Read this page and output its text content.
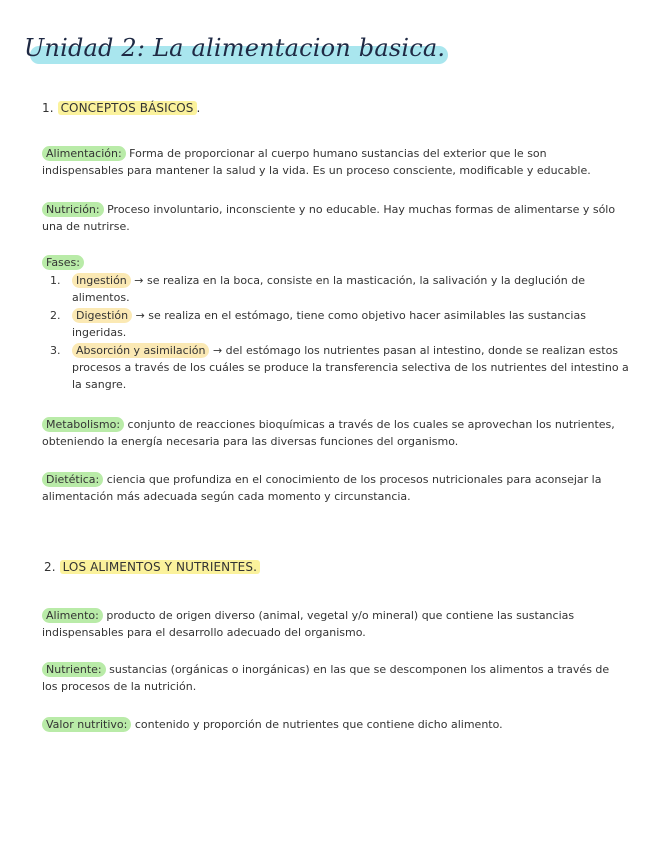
Unidad 2: La alimentacion basica.
1. CONCEPTOS BÁSICOS .
Alimentación: Forma de proporcionar al cuerpo humano sustancias del exterior que le son indispensables para mantener la salud y la vida. Es un proceso consciente, modificable y educable.
Nutrición: Proceso involuntario, inconsciente y no educable. Hay muchas formas de alimentarse y sólo una de nutrirse.
Fases:
1. Ingestión → se realiza en la boca, consiste en la masticación, la salivación y la deglución de alimentos.
2. Digestión → se realiza en el estómago, tiene como objetivo hacer asimilables las sustancias ingeridas.
3. Absorción y asimilación → del estómago los nutrientes pasan al intestino, donde se realizan estos procesos a través de los cuáles se produce la transferencia selectiva de los nutrientes del intestino a la sangre.
Metabolismo: conjunto de reacciones bioquímicas a través de los cuales se aprovechan los nutrientes, obteniendo la energía necesaria para las diversas funciones del organismo.
Dietética: ciencia que profundiza en el conocimiento de los procesos nutricionales para aconsejar la alimentación más adecuada según cada momento y circunstancia.
2. LOS ALIMENTOS Y NUTRIENTES.
Alimento: producto de origen diverso (animal, vegetal y/o mineral) que contiene las sustancias indispensables para el desarrollo adecuado del organismo.
Nutriente: sustancias (orgánicas o inorgánicas) en las que se descomponen los alimentos a través de los procesos de la nutrición.
Valor nutritivo: contenido y proporción de nutrientes que contiene dicho alimento.
